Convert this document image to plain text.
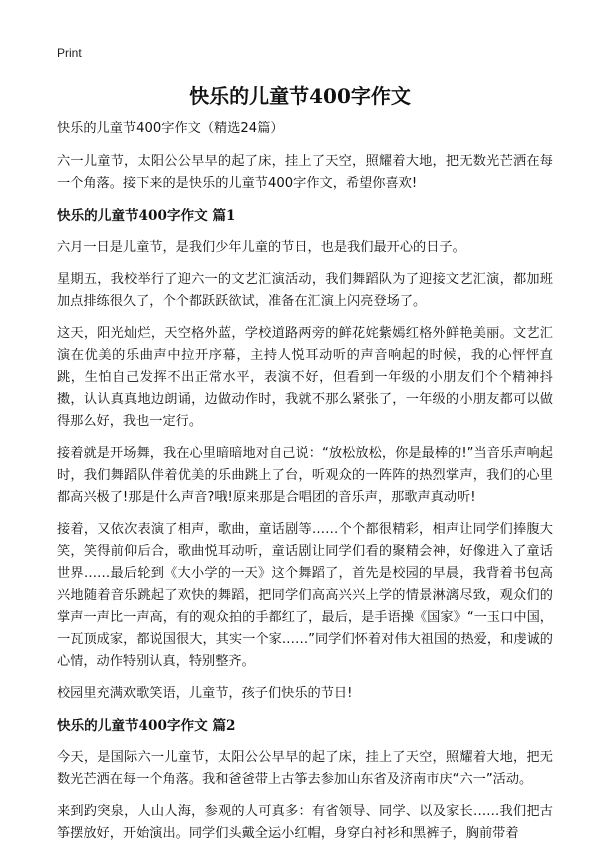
Print
快乐的儿童节400字作文
快乐的儿童节400字作文（精选24篇）

六一儿童节，太阳公公早早的起了床，挂上了天空，照耀着大地，把无数光芒洒在每一个角落。接下来的是快乐的儿童节400字作文，希望你喜欢!

快乐的儿童节400字作文 篇1

六月一日是儿童节，是我们少年儿童的节日，也是我们最开心的日子。

星期五，我校举行了迎六一的文艺汇演活动，我们舞蹈队为了迎接文艺汇演，都加班加点排练很久了，个个都跃跃欲试，准备在汇演上闪亮登场了。

这天，阳光灿烂，天空格外蓝，学校道路两旁的鲜花姹紫嫣红格外鲜艳美丽。文艺汇演在优美的乐曲声中拉开序幕，主持人悦耳动听的声音响起的时候，我的心怦怦直跳，生怕自己发挥不出正常水平，表演不好，但看到一年级的小朋友们个个精神抖擞，认认真真地边朗诵，边做动作时，我就不那么紧张了，一年级的小朋友都可以做得那么好，我也一定行。

接着就是开场舞，我在心里暗暗地对自己说：“放松放松，你是最棒的!”当音乐声响起时，我们舞蹈队伴着优美的乐曲跳上了台，听观众的一阵阵的热烈掌声，我们的心里都高兴极了!那是什么声音?哦!原来那是合唱团的音乐声，那歌声真动听!

接着，又依次表演了相声，歌曲，童话剧等……个个都很精彩，相声让同学们捧腹大笑，笑得前仰后合，歌曲悦耳动听，童话剧让同学们看的聚精会神，好像进入了童话世界……最后轮到《大小学的一天》这个舞蹈了，首先是校园的早晨，我背着书包高兴地随着音乐跳起了欢快的舞蹈，把同学们高高兴兴上学的情景淋漓尽致，观众们的掌声一声比一声高，有的观众拍的手都红了，最后，是手语操《国家》“一玉口中国，一瓦顶成家，都说国很大，其实一个家……”同学们怀着对伟大祖国的热爱，和虔诚的心情，动作特别认真，特别整齐。

校园里充满欢歌笑语，儿童节，孩子们快乐的节日!

快乐的儿童节400字作文 篇2

今天，是国际六一儿童节，太阳公公早早的起了床，挂上了天空，照耀着大地，把无数光芒洒在每一个角落。我和爸爸带上古筝去参加山东省及济南市庆“六一”活动。

来到趵突泉，人山人海，参观的人可真多：有省领导、同学、以及家长……我们把古筝摆放好，开始演出。同学们头戴全运小红帽，身穿白衬衫和黑裤子，胸前带着
